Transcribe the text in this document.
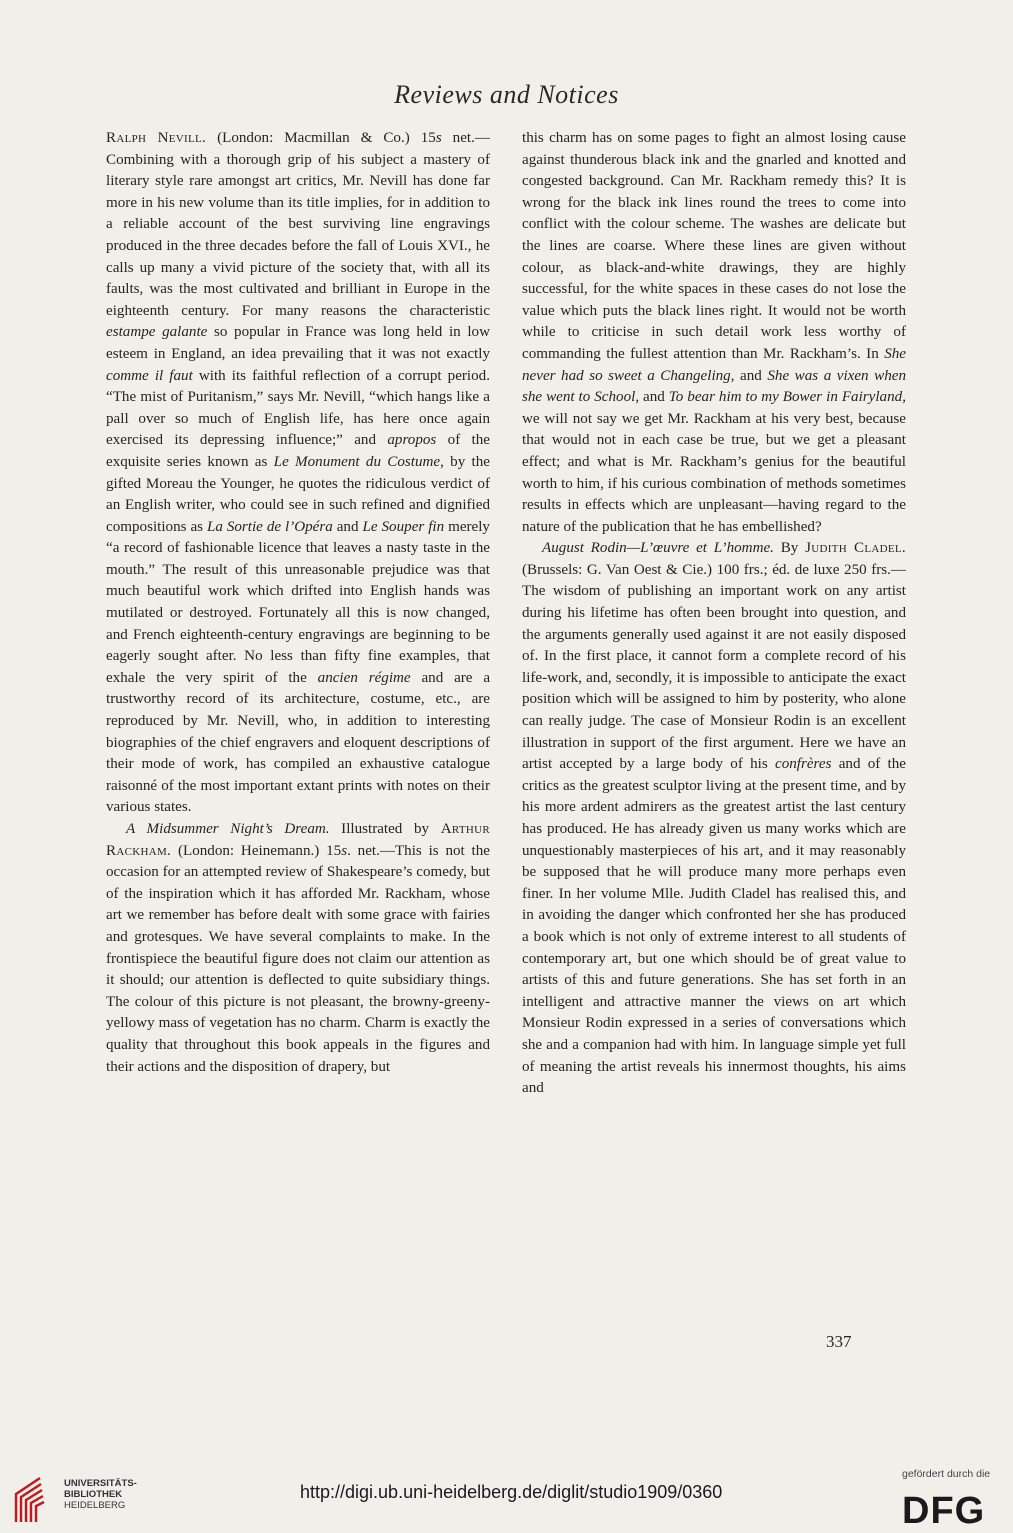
Reviews and Notices

Ralph Nevill. (London: Macmillan & Co.) 15s net.—Combining with a thorough grip of his subject a mastery of literary style rare amongst art critics, Mr. Nevill has done far more in his new volume than its title implies, for in addition to a reliable account of the best surviving line engravings produced in the three decades before the fall of Louis XVI., he calls up many a vivid picture of the society that, with all its faults, was the most cultivated and brilliant in Europe in the eighteenth century. For many reasons the characteristic estampe galante so popular in France was long held in low esteem in England, an idea prevailing that it was not exactly comme il faut with its faithful reflection of a corrupt period. “The mist of Puritanism,” says Mr. Nevill, “which hangs like a pall over so much of English life, has here once again exercised its depressing influence;” and apropos of the exquisite series known as Le Monument du Costume, by the gifted Moreau the Younger, he quotes the ridiculous verdict of an English writer, who could see in such refined and dignified compositions as La Sortie de l’Opéra and Le Souper fin merely “a record of fashionable licence that leaves a nasty taste in the mouth.” The result of this unreasonable prejudice was that much beautiful work which drifted into English hands was mutilated or destroyed. Fortunately all this is now changed, and French eighteenth-century engravings are beginning to be eagerly sought after. No less than fifty fine examples, that exhale the very spirit of the ancien régime and are a trustworthy record of its architecture, costume, etc., are reproduced by Mr. Nevill, who, in addition to interesting biographies of the chief engravers and eloquent descriptions of their mode of work, has compiled an exhaustive catalogue raisonné of the most important extant prints with notes on their various states.

A Midsummer Night’s Dream. Illustrated by Arthur Rackham. (London: Heinemann.) 15s. net.—This is not the occasion for an attempted review of Shakespeare’s comedy, but of the inspiration which it has afforded Mr. Rackham, whose art we remember has before dealt with some grace with fairies and grotesques. We have several complaints to make. In the frontispiece the beautiful figure does not claim our attention as it should; our attention is deflected to quite subsidiary things. The colour of this picture is not pleasant, the browny-greeny-yellowy mass of vegetation has no charm. Charm is exactly the quality that throughout this book appeals in the figures and their actions and the disposition of drapery, but

this charm has on some pages to fight an almost losing cause against thunderous black ink and the gnarled and knotted and congested background. Can Mr. Rackham remedy this? It is wrong for the black ink lines round the trees to come into conflict with the colour scheme. The washes are delicate but the lines are coarse. Where these lines are given without colour, as black-and-white drawings, they are highly successful, for the white spaces in these cases do not lose the value which puts the black lines right. It would not be worth while to criticise in such detail work less worthy of commanding the fullest attention than Mr. Rackham’s. In She never had so sweet a Changeling, and She was a vixen when she went to School, and To bear him to my Bower in Fairyland, we will not say we get Mr. Rackham at his very best, because that would not in each case be true, but we get a pleasant effect; and what is Mr. Rackham’s genius for the beautiful worth to him, if his curious combination of methods sometimes results in effects which are unpleasant—having regard to the nature of the publication that he has embellished?

August Rodin—L’œuvre et L’homme. By Judith Cladel. (Brussels: G. Van Oest & Cie.) 100 frs.; éd. de luxe 250 frs.—The wisdom of publishing an important work on any artist during his lifetime has often been brought into question, and the arguments generally used against it are not easily disposed of. In the first place, it cannot form a complete record of his life-work, and, secondly, it is impossible to anticipate the exact position which will be assigned to him by posterity, who alone can really judge. The case of Monsieur Rodin is an excellent illustration in support of the first argument. Here we have an artist accepted by a large body of his confrères and of the critics as the greatest sculptor living at the present time, and by his more ardent admirers as the greatest artist the last century has produced. He has already given us many works which are unquestionably masterpieces of his art, and it may reasonably be supposed that he will produce many more perhaps even finer. In her volume Mlle. Judith Cladel has realised this, and in avoiding the danger which confronted her she has produced a book which is not only of extreme interest to all students of contemporary art, but one which should be of great value to artists of this and future generations. She has set forth in an intelligent and attractive manner the views on art which Monsieur Rodin expressed in a series of conversations which she and a companion had with him. In language simple yet full of meaning the artist reveals his innermost thoughts, his aims and

337

UNIVERSITÄTS-
BIBLIOTHEK
HEIDELBERG
http://digi.ub.uni-heidelberg.de/diglit/studio1909/0360
gefördert durch die
DFG
